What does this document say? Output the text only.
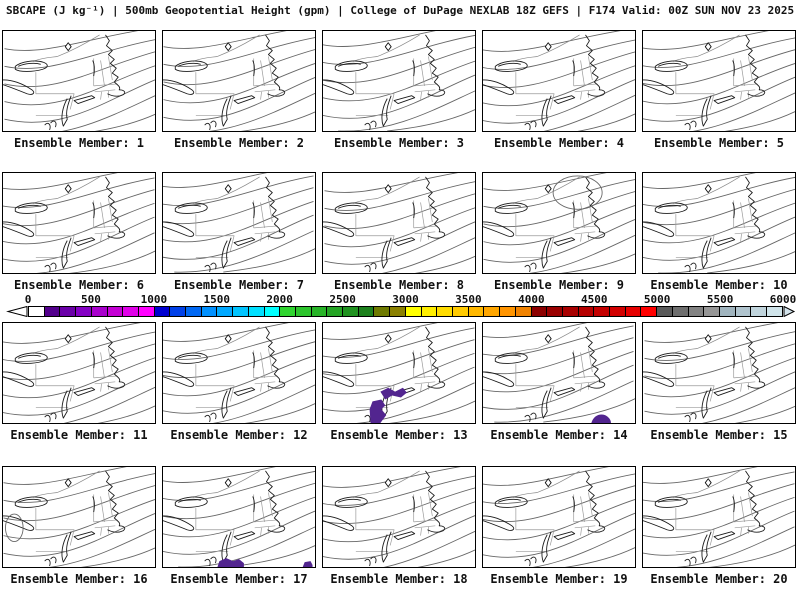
SBCAPE (J kg⁻¹) | 500mb Geopotential Height (gpm) | College of DuPage NEXLAB 18Z GEFS | F174 Valid: 00Z SUN NOV 23 2025
Ensemble Member: 1	Ensemble Member: 2	Ensemble Member: 3	Ensemble Member: 4	Ensemble Member: 5
Ensemble Member: 6	Ensemble Member: 7	Ensemble Member: 8	Ensemble Member: 9	Ensemble Member: 10
Ensemble Member: 11	Ensemble Member: 12	Ensemble Member: 13	Ensemble Member: 14	Ensemble Member: 15
Ensemble Member: 16	Ensemble Member: 17	Ensemble Member: 18	Ensemble Member: 19	Ensemble Member: 20
0	500	1000	1500	2000	2500	3000	3500	4000	4500	5000	5500	6000
